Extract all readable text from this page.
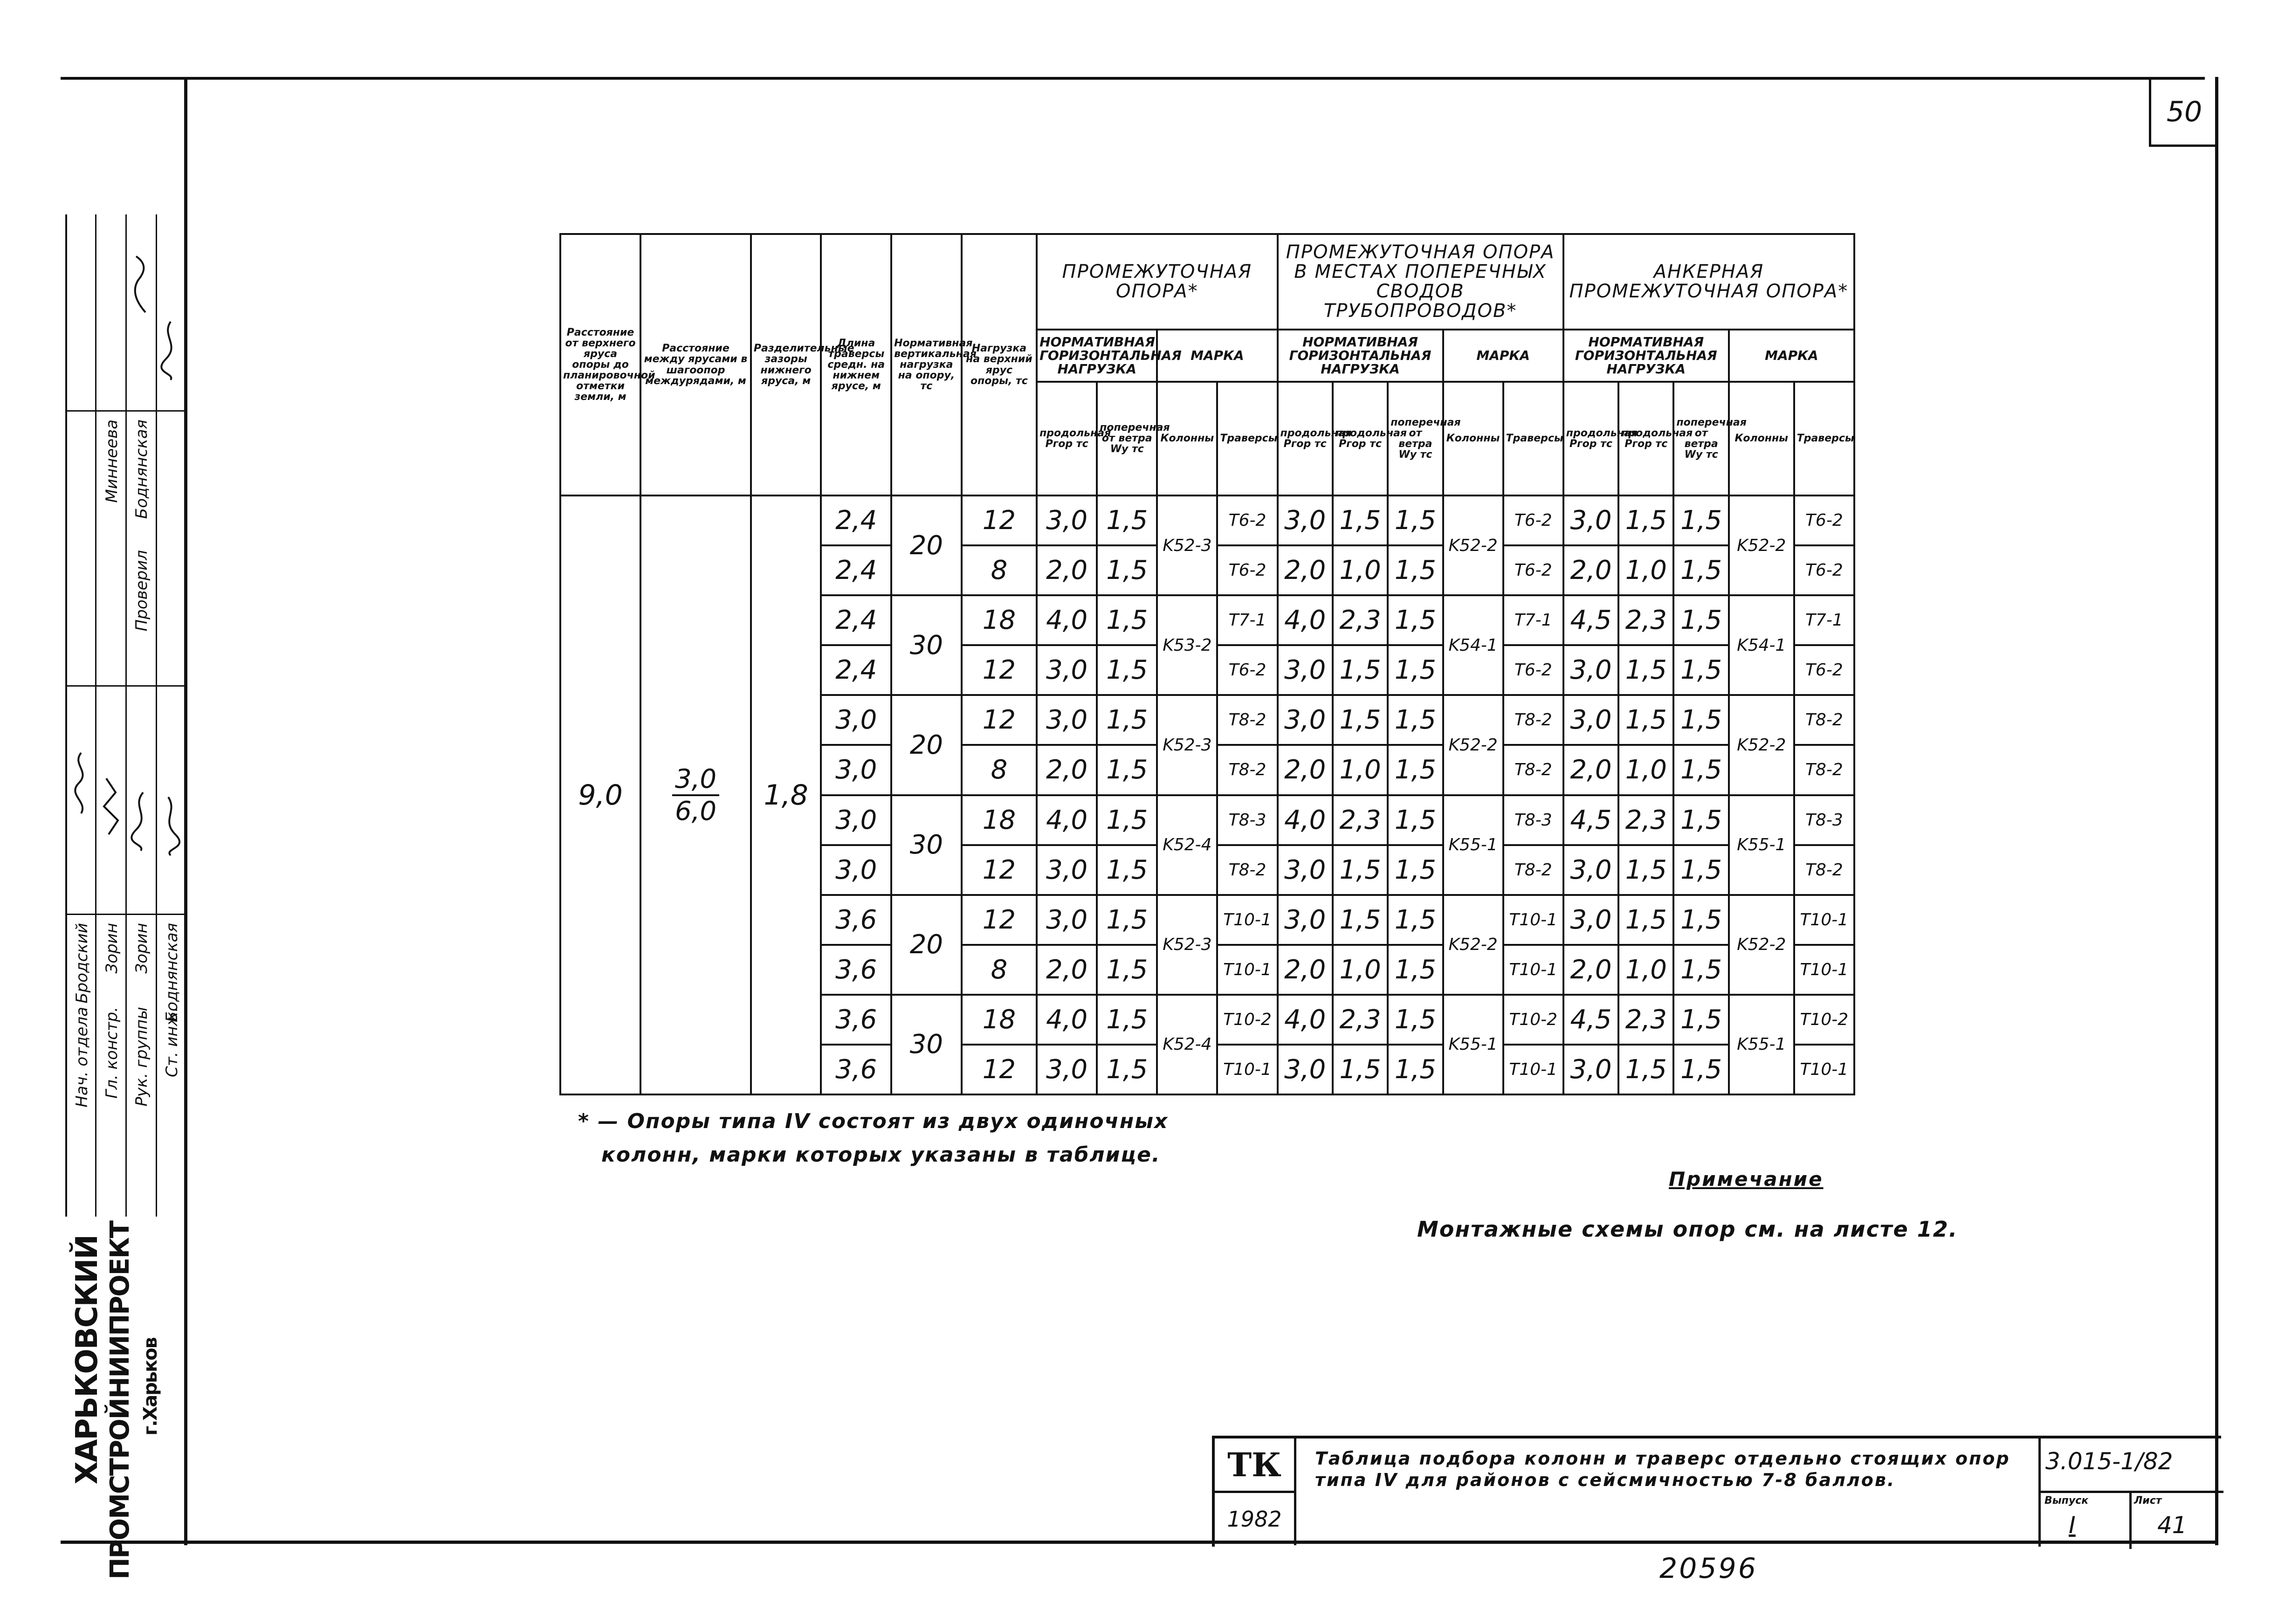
50
Нач. отдела Гл. констр. Рук. группы Ст. инж.
Бродский Зорин Зорин Боднянская
Проверил
Боднянская
Миннеева
ХАРЬКОВСКИЙ ПРОМСТРОЙНИИПРОЕКТ г.Харьков
Расстояние от верхнего яруса опоры до планировочной отметки земли, м	Расстояние между ярусами в шагоопор междурядами, м	Разделительные зазоры нижнего яруса, м	Длина траверсы средн. на нижнем ярусе, м	Нормативная вертикальная нагрузка на опору, тс	Нагрузка на верхний ярус опоры, тс	ПРОМЕЖУТОЧНАЯ ОПОРА*				ПРОМЕЖУТОЧНАЯ ОПОРА В МЕСТАХ ПОПЕРЕЧНЫХ СВОДОВ ТРУБОПРОВОДОВ*					АНКЕРНАЯ ПРОМЕЖУТОЧНАЯ ОПОРА*				
						НОРМАТИВНАЯ ГОРИЗОНТАЛЬНАЯ НАГРУЗКА		МАРКА		НОРМАТИВНАЯ ГОРИЗОНТАЛЬНАЯ НАГРУЗКА			МАРКА		НОРМАТИВНАЯ ГОРИЗОНТАЛЬНАЯ НАГРУЗКА			МАРКА	
						продольная Pгор тс	поперечная от ветра Wу тс	Колонны	Траверсы	продольная Pгор тс	продольная Pгор тс	поперечная от ветра Wу тс	Колонны	Траверсы	продольная Pгор тс	продольная Pгор тс	поперечная от ветра Wу тс	Колонны	Траверсы
9,0	$\frac{3,0}{6,0}$	1,8	2,4	20	12	3,0	1,5	K52-3	T6-2	3,0	1,5	1,5	K52-2	T6-2	3,0	1,5	1,5	K52-2	T6-2
			2,4		8	2,0	1,5		T6-2	2,0	1,0	1,5		T6-2	2,0	1,0	1,5		T6-2
			2,4	30	18	4,0	1,5	K53-2	T7-1	4,0	2,3	1,5	K54-1	T7-1	4,5	2,3	1,5	K54-1	T7-1
			2,4		12	3,0	1,5		T6-2	3,0	1,5	1,5		T6-2	3,0	1,5	1,5		T6-2
			3,0	20	12	3,0	1,5	K52-3	T8-2	3,0	1,5	1,5	K52-2	T8-2	3,0	1,5	1,5	K52-2	T8-2
			3,0		8	2,0	1,5		T8-2	2,0	1,0	1,5		T8-2	2,0	1,0	1,5		T8-2
			3,0	30	18	4,0	1,5	K52-4	T8-3	4,0	2,3	1,5	K55-1	T8-3	4,5	2,3	1,5	K55-1	T8-3
			3,0		12	3,0	1,5		T8-2	3,0	1,5	1,5		T8-2	3,0	1,5	1,5		T8-2
			3,6	20	12	3,0	1,5	K52-3	T10-1	3,0	1,5	1,5	K52-2	T10-1	3,0	1,5	1,5	K52-2	T10-1
			3,6		8	2,0	1,5		T10-1	2,0	1,0	1,5		T10-1	2,0	1,0	1,5		T10-1
			3,6	30	18	4,0	1,5	K52-4	T10-2	4,0	2,3	1,5	K55-1	T10-2	4,5	2,3	1,5	K55-1	T10-2
			3,6		12	3,0	1,5		T10-1	3,0	1,5	1,5		T10-1	3,0	1,5	1,5		T10-1
* — Опоры типа IV состоят из двух одиночных
колонн, марки которых указаны в таблице.
Примечание
Монтажные схемы опор см. на листе 12.
ТК
1982
Таблица подбора колонн и траверс отдельно стоящих опор типа IV для районов с сейсмичностью 7-8 баллов.
3.015-1/82
Выпуск
I
Лист
41
20596
